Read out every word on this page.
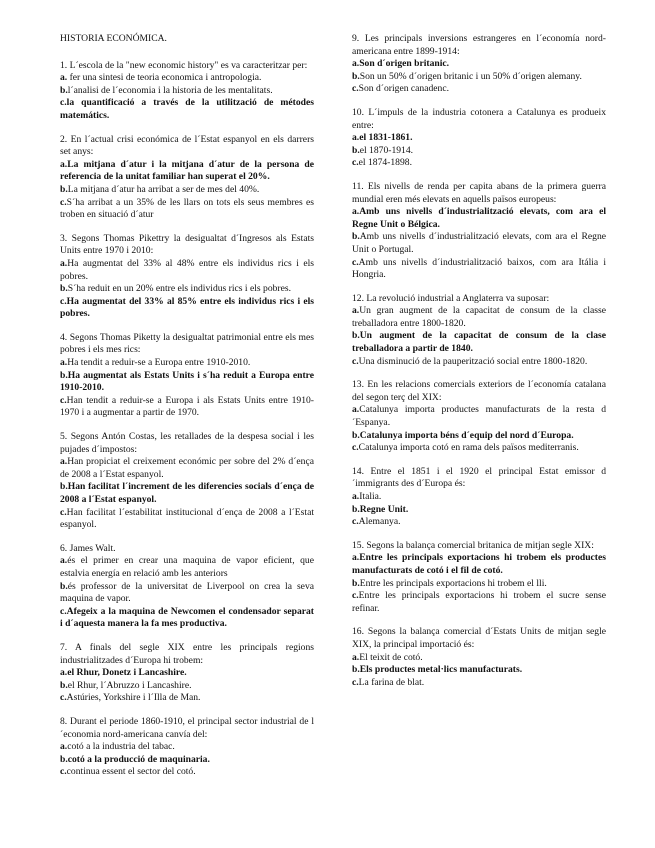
HISTORIA ECONÓMICA.

1. L´escola de la "new economic history" es va caracteritzar per:

a. fer una sintesi de teoria economica i antropologia.

b.l´analisi de l´economia i la historia de les mentalitats.

c.la quantificació a través de la utilització de métodes matemátics.

2. En l´actual crisi económica de l´Estat espanyol en els darrers set anys:

a.La mitjana d´atur i la mitjana d´atur de la persona de referencia de la unitat familiar han superat el 20%.

b.La mitjana d´atur ha arribat a ser de mes del 40%.

c.S´ha arribat a un 35% de les llars on tots els seus membres es troben en situació d´atur

3. Segons Thomas Pikettry la desigualtat d´Ingresos als Estats Units entre 1970 i 2010:

a.Ha augmentat del 33% al 48% entre els individus rics i els pobres.

b.S´ha reduit en un 20% entre els individus rics i els pobres.

c.Ha augmentat del 33% al 85% entre els individus rics i els pobres.

4. Segons Thomas Piketty la desigualtat patrimonial entre els mes pobres i els mes rics:

a.Ha tendit a reduir-se a Europa entre 1910-2010.

b.Ha augmentat als Estats Units i s´ha reduit a Europa entre 1910-2010.

c.Han tendit a reduir-se a Europa i als Estats Units entre 1910-1970 i a augmentar a partir de 1970.

5. Segons Antón Costas, les retallades de la despesa social i les pujades d´impostos:

a.Han propiciat el creixement económic per sobre del 2% d´ença de 2008 a l´Estat espanyol.

b.Han facilitat l´increment de les diferencies socials d´ença de 2008 a l´Estat espanyol.

c.Han facilitat l´estabilitat institucional d´ença de 2008 a l´Estat espanyol.

6. James Walt.

a.és el primer en crear una maquina de vapor eficient, que estalvia energía en relació amb les anteriors

b.és professor de la universitat de Liverpool on crea la seva maquina de vapor.

c.Afegeix a la maquina de Newcomen el condensador separat i d´aquesta manera la fa mes productiva.

7. A finals del segle XIX entre les principals regions industrialitzades d´Europa hi trobem:

a.el Rhur, Donetz i Lancashire.

b.el Rhur, l´Abruzzo i Lancashire.

c.Astúries, Yorkshire i l´Illa de Man.

8. Durant el periode 1860-1910, el principal sector industrial de l´economia nord-americana canvía del:

a.cotó a la industria del tabac.

b.cotó a la producció de maquinaria.

c.continua essent el sector del cotó.

9. Les principals inversions estrangeres en l´economía nord-americana entre 1899-1914:

a.Son d´origen britanic.

b.Son un 50% d´origen britanic i un 50% d´origen alemany.

c.Son d´origen canadenc.

10. L´impuls de la industria cotonera a Catalunya es produeix entre:

a.el 1831-1861.

b.el 1870-1914.

c.el 1874-1898.

11. Els nivells de renda per capita abans de la primera guerra mundial eren més elevats en aquells països europeus:

a.Amb uns nivells d´industrialització elevats, com ara el Regne Unit o Bélgica.

b.Amb uns nivells d´industrialització elevats, com ara el Regne Unit o Portugal.

c.Amb uns nivells d´industrialització baixos, com ara Itália i Hongria.

12. La revolució industrial a Anglaterra va suposar:

a.Un gran augment de la capacitat de consum de la classe treballadora entre 1800-1820.

b.Un augment de la capacitat de consum de la clase treballadora a partir de 1840.

c.Una disminució de la pauperització social entre 1800-1820.

13. En les relacions comercials exteriors de l´economía catalana del segon terç del XIX:

a.Catalunya importa productes manufacturats de la resta d´Espanya.

b.Catalunya importa béns d´equip del nord d´Europa.

c.Catalunya importa cotó en rama dels països mediterranis.

14. Entre el 1851 i el 1920 el principal Estat emissor d´immigrants des d´Europa és:

a.Italia.

b.Regne Unit.

c.Alemanya.

15. Segons la balança comercial britanica de mitjan segle XIX:

a.Entre les principals exportacions hi trobem els productes manufacturats de cotó i el fil de cotó.

b.Entre les principals exportacions hi trobem el lli.

c.Entre les principals exportacions hi trobem el sucre sense refinar.

16. Segons la balança comercial d´Estats Units de mitjan segle XIX, la principal importació és:

a.El teixit de cotó.

b.Els productes metal·lics manufacturats.

c.La farina de blat.
